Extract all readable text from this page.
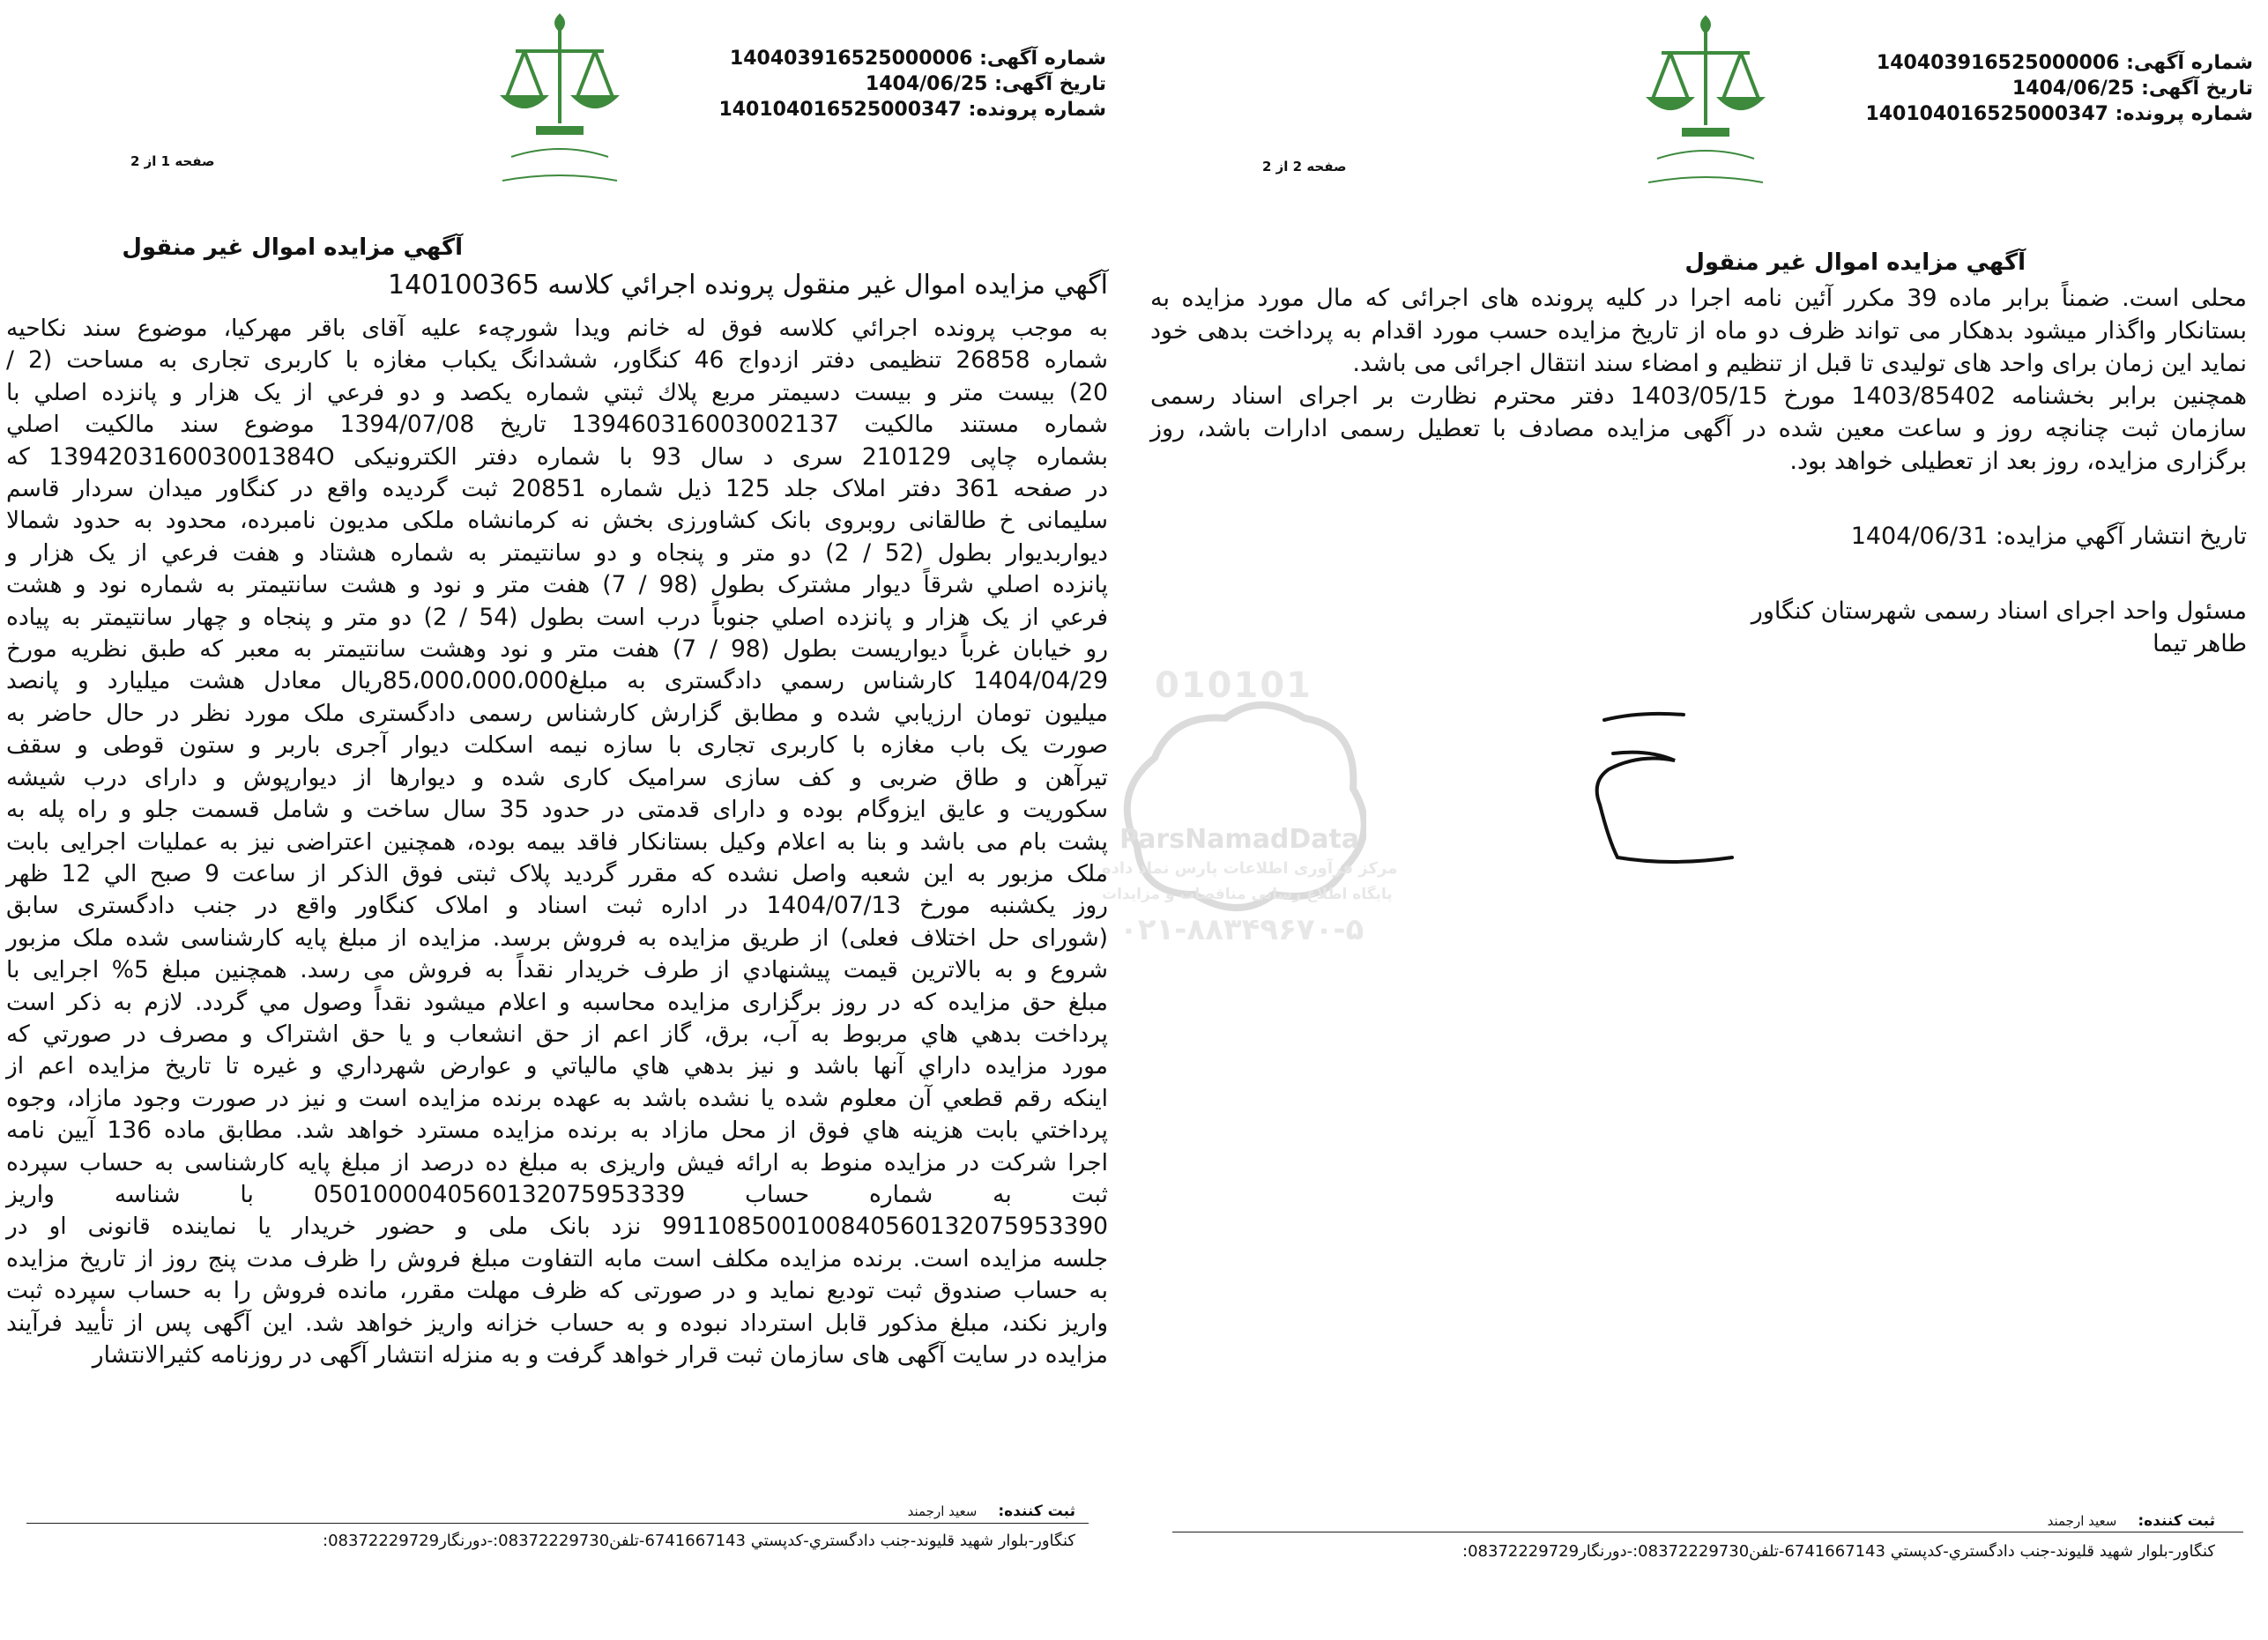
شماره آگهی: 140403916525000006
تاریخ آگهی: 1404/06/25
شماره پرونده: 140104016525000347
صفحه 1 از 2
آگهي مزايده اموال غير منقول
آگهي مزايده اموال غير منقول پرونده اجرائي كلاسه 140100365

به موجب پرونده اجرائي كلاسه فوق له خانم ويدا شورچه‌ء عليه آقای باقر مهركيا، موضوع سند نكاحيه

شماره 26858 تنظيمی دفتر ازدواج 46 كنگاور، ششدانگ يكباب مغازه با كاربری تجاری به مساحت (2 /

20) بيست متر و بيست دسيمتر مربع پلاك ثبتي شماره يكصد و دو فرعي از يک هزار و پانزده اصلي با

شماره مستند مالكيت 139460316003002137 تاريخ 1394/07/08 موضوع سند مالكيت اصلي

بشماره چاپی 210129 سری د سال 93 با شماره دفتر الكترونيكی 139420316003001384O كه

در صفحه 361 دفتر املاک جلد 125 ذيل شماره 20851 ثبت گرديده واقع در كنگاور ميدان سردار قاسم

سليمانی خ طالقانی روبروی بانک كشاورزی بخش نه كرمانشاه ملكی مديون نامبرده، محدود به حدود شمالا

ديواربديوار بطول (52 / 2) دو متر و پنجاه و دو سانتيمتر به شماره هشتاد و هفت فرعي از يک هزار و

پانزده اصلي شرقاً ديوار مشترک بطول (98 / 7) هفت متر و نود و هشت سانتيمتر به شماره نود و هشت

فرعي از يک هزار و پانزده اصلي جنوباً درب است بطول (54 / 2) دو متر و پنجاه و چهار سانتيمتر به پياده

رو خيابان غرباً ديواريست بطول (98 / 7) هفت متر و نود وهشت سانتيمتر به معبر كه طبق نظريه مورخ

1404/04/29 كارشناس رسمي دادگستری به مبلغ85،000،000،000ريال معادل هشت ميليارد و پانصد

ميليون تومان ارزيابي شده و مطابق گزارش كارشناس رسمی دادگستری ملک مورد نظر در حال حاضر به

صورت يک باب مغازه با كاربری تجاری با سازه نيمه اسكلت ديوار آجری باربر و ستون قوطی و سقف

تيرآهن و طاق ضربی و كف سازی سراميک كاری شده و ديوارها از ديوارپوش و دارای درب شيشه

سكوريت و عايق ايزوگام بوده و دارای قدمتی در حدود 35 سال ساخت و شامل قسمت جلو و راه پله به

پشت بام می باشد و بنا به اعلام وكيل بستانكار فاقد بيمه بوده، همچنين اعتراضی نيز به عمليات اجرايی بابت

ملک مزبور به اين شعبه واصل نشده كه مقرر گرديد پلاک ثبتی فوق الذكر از ساعت 9 صبح الي 12 ظهر

روز يكشنبه مورخ 1404/07/13 در اداره ثبت اسناد و املاک كنگاور واقع در جنب دادگستری سابق

(شورای حل اختلاف فعلی) از طريق مزايده به فروش برسد. مزايده از مبلغ پايه كارشناسی شده ملک مزبور

شروع و به بالاترين قيمت پيشنهادي از طرف خريدار نقداً به فروش می رسد. همچنين مبلغ 5% اجرايی با

مبلغ حق مزايده كه در روز برگزاری مزايده محاسبه و اعلام ميشود نقداً وصول مي گردد. لازم به ذكر است

پرداخت بدهي هاي مربوط به آب، برق، گاز اعم از حق انشعاب و يا حق اشتراک و مصرف در صورتي كه

مورد مزايده داراي آنها باشد و نيز بدهي هاي مالياتي و عوارض شهرداري و غيره تا تاريخ مزايده اعم از

اينكه رقم قطعي آن معلوم شده يا نشده باشد به عهده برنده مزايده است و نيز در صورت وجود مازاد، وجوه

پرداختي بابت هزينه هاي فوق از محل مازاد به برنده مزايده مسترد خواهد شد. مطابق ماده 136 آيين نامه

اجرا شركت در مزايده منوط به ارائه فيش واريزی به مبلغ ده درصد از مبلغ پايه كارشناسی به حساب سپرده

ثبت به شماره حساب 0501000040560132075953339 با شناسه واريز

991108500100840560132075953390 نزد بانک ملی و حضور خريدار يا نماينده قانونی او در

جلسه مزايده است. برنده مزايده مكلف است مابه التفاوت مبلغ فروش را ظرف مدت پنج روز از تاريخ مزايده

به حساب صندوق ثبت توديع نمايد و در صورتی كه ظرف مهلت مقرر، مانده فروش را به حساب سپرده ثبت

واريز نكند، مبلغ مذكور قابل استرداد نبوده و به حساب خزانه واريز خواهد شد. اين آگهی پس از تأييد فرآيند

مزايده در سايت آگهی های سازمان ثبت قرار خواهد گرفت و به منزله انتشار آگهی در روزنامه كثيرالانتشار

ثبت كننده:سعيد ارجمند
كنگاور-بلوار شهيد قليوند-جنب دادگستري-كدپستي 6741667143-تلفن08372229730:-دورنگار08372229729:
شماره آگهی: 140403916525000006
تاریخ آگهی: 1404/06/25
شماره پرونده: 140104016525000347
صفحه 2 از 2
آگهي مزايده اموال غير منقول

محلی است. ضمناً برابر ماده 39 مكرر آئين نامه اجرا در كليه پرونده های اجرائی كه مال مورد مزايده به

بستانكار واگذار ميشود بدهكار می تواند ظرف دو ماه از تاريخ مزايده حسب مورد اقدام به پرداخت بدهی خود

نمايد اين زمان برای واحد های توليدی تا قبل از تنظيم و امضاء سند انتقال اجرائی می باشد.

همچنين برابر بخشنامه 1403/85402 مورخ 1403/05/15 دفتر محترم نظارت بر اجرای اسناد رسمی

سازمان ثبت چنانچه روز و ساعت معين شده در آگهی مزايده مصادف با تعطيل رسمی ادارات باشد، روز

برگزاری مزايده، روز بعد از تعطيلی خواهد بود.

تاريخ انتشار آگهي مزايده: 1404/06/31
مسئول واحد اجرای اسناد رسمی شهرستان كنگاور
طاهر تيما
ثبت كننده:سعيد ارجمند
كنگاور-بلوار شهيد قليوند-جنب دادگستري-كدپستي 6741667143-تلفن08372229730:-دورنگار08372229729:
010101
ParsNamadData
مركز فرآوری اطلاعات پارس نماد داده
پایگاه اطلاع رسانی مناقصات و مزایدات
۰۲۱-۸۸۳۴۹۶۷۰-۵
